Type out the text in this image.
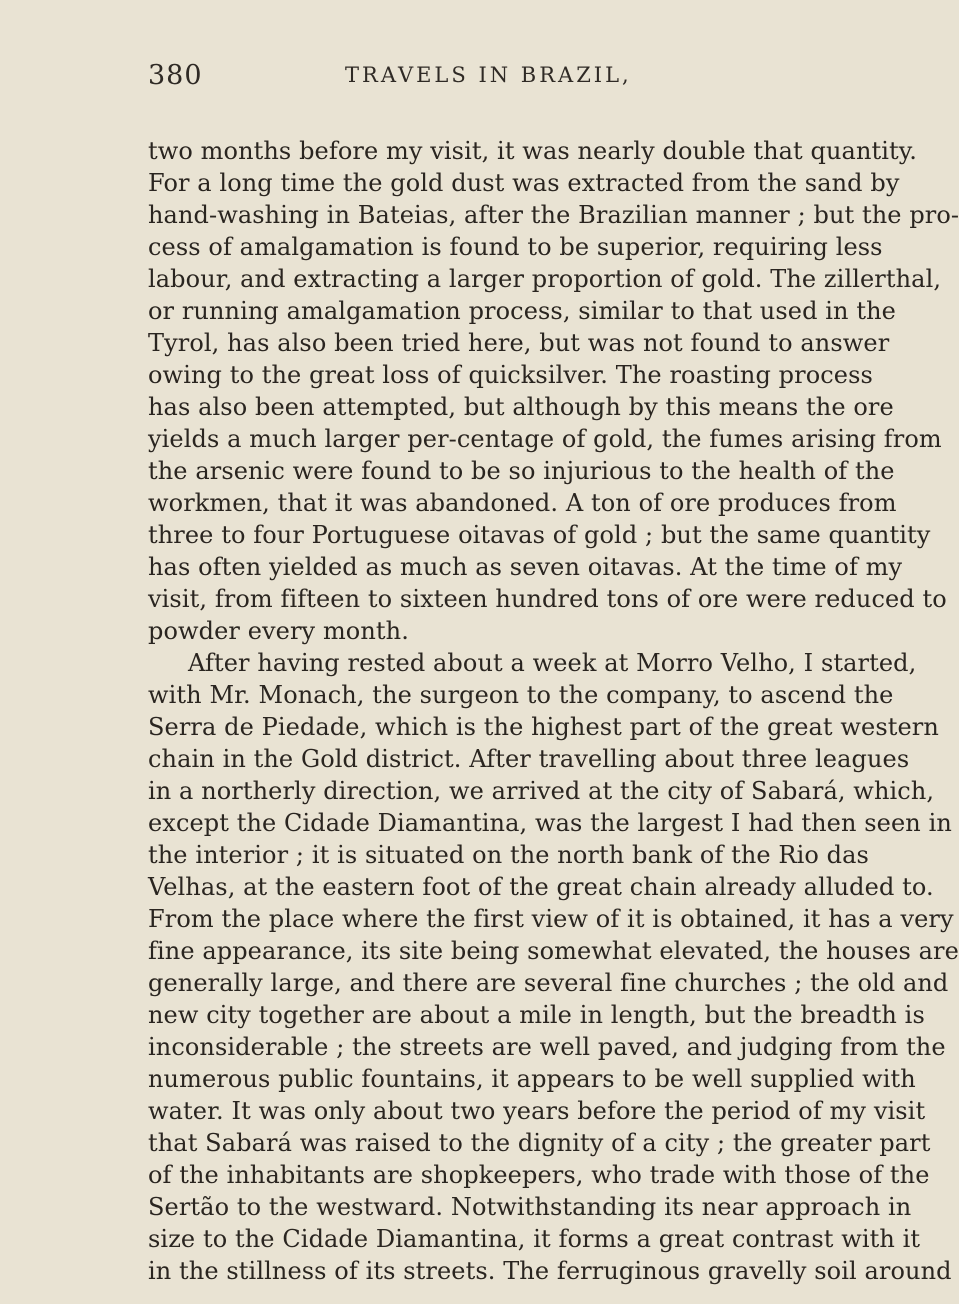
380	TRAVELS IN BRAZIL,
two months before my visit, it was nearly double that quantity.
For a long time the gold dust was extracted from the sand by
hand-washing in Bateias, after the Brazilian manner ; but the pro-
cess of amalgamation is found to be superior, requiring less
labour, and extracting a larger proportion of gold. The zillerthal,
or running amalgamation process, similar to that used in the
Tyrol, has also been tried here, but was not found to answer
owing to the great loss of quicksilver. The roasting process
has also been attempted, but although by this means the ore
yields a much larger per-centage of gold, the fumes arising from
the arsenic were found to be so injurious to the health of the
workmen, that it was abandoned. A ton of ore produces from
three to four Portuguese oitavas of gold ; but the same quantity
has often yielded as much as seven oitavas. At the time of my
visit, from fifteen to sixteen hundred tons of ore were reduced to
powder every month.
After having rested about a week at Morro Velho, I started,
with Mr. Monach, the surgeon to the company, to ascend the
Serra de Piedade, which is the highest part of the great western
chain in the Gold district. After travelling about three leagues
in a northerly direction, we arrived at the city of Sabará, which,
except the Cidade Diamantina, was the largest I had then seen in
the interior ; it is situated on the north bank of the Rio das
Velhas, at the eastern foot of the great chain already alluded to.
From the place where the first view of it is obtained, it has a very
fine appearance, its site being somewhat elevated, the houses are
generally large, and there are several fine churches ; the old and
new city together are about a mile in length, but the breadth is
inconsiderable ; the streets are well paved, and judging from the
numerous public fountains, it appears to be well supplied with
water. It was only about two years before the period of my visit
that Sabará was raised to the dignity of a city ; the greater part
of the inhabitants are shopkeepers, who trade with those of the
Sertão to the westward. Notwithstanding its near approach in
size to the Cidade Diamantina, it forms a great contrast with it
in the stillness of its streets. The ferruginous gravelly soil around
